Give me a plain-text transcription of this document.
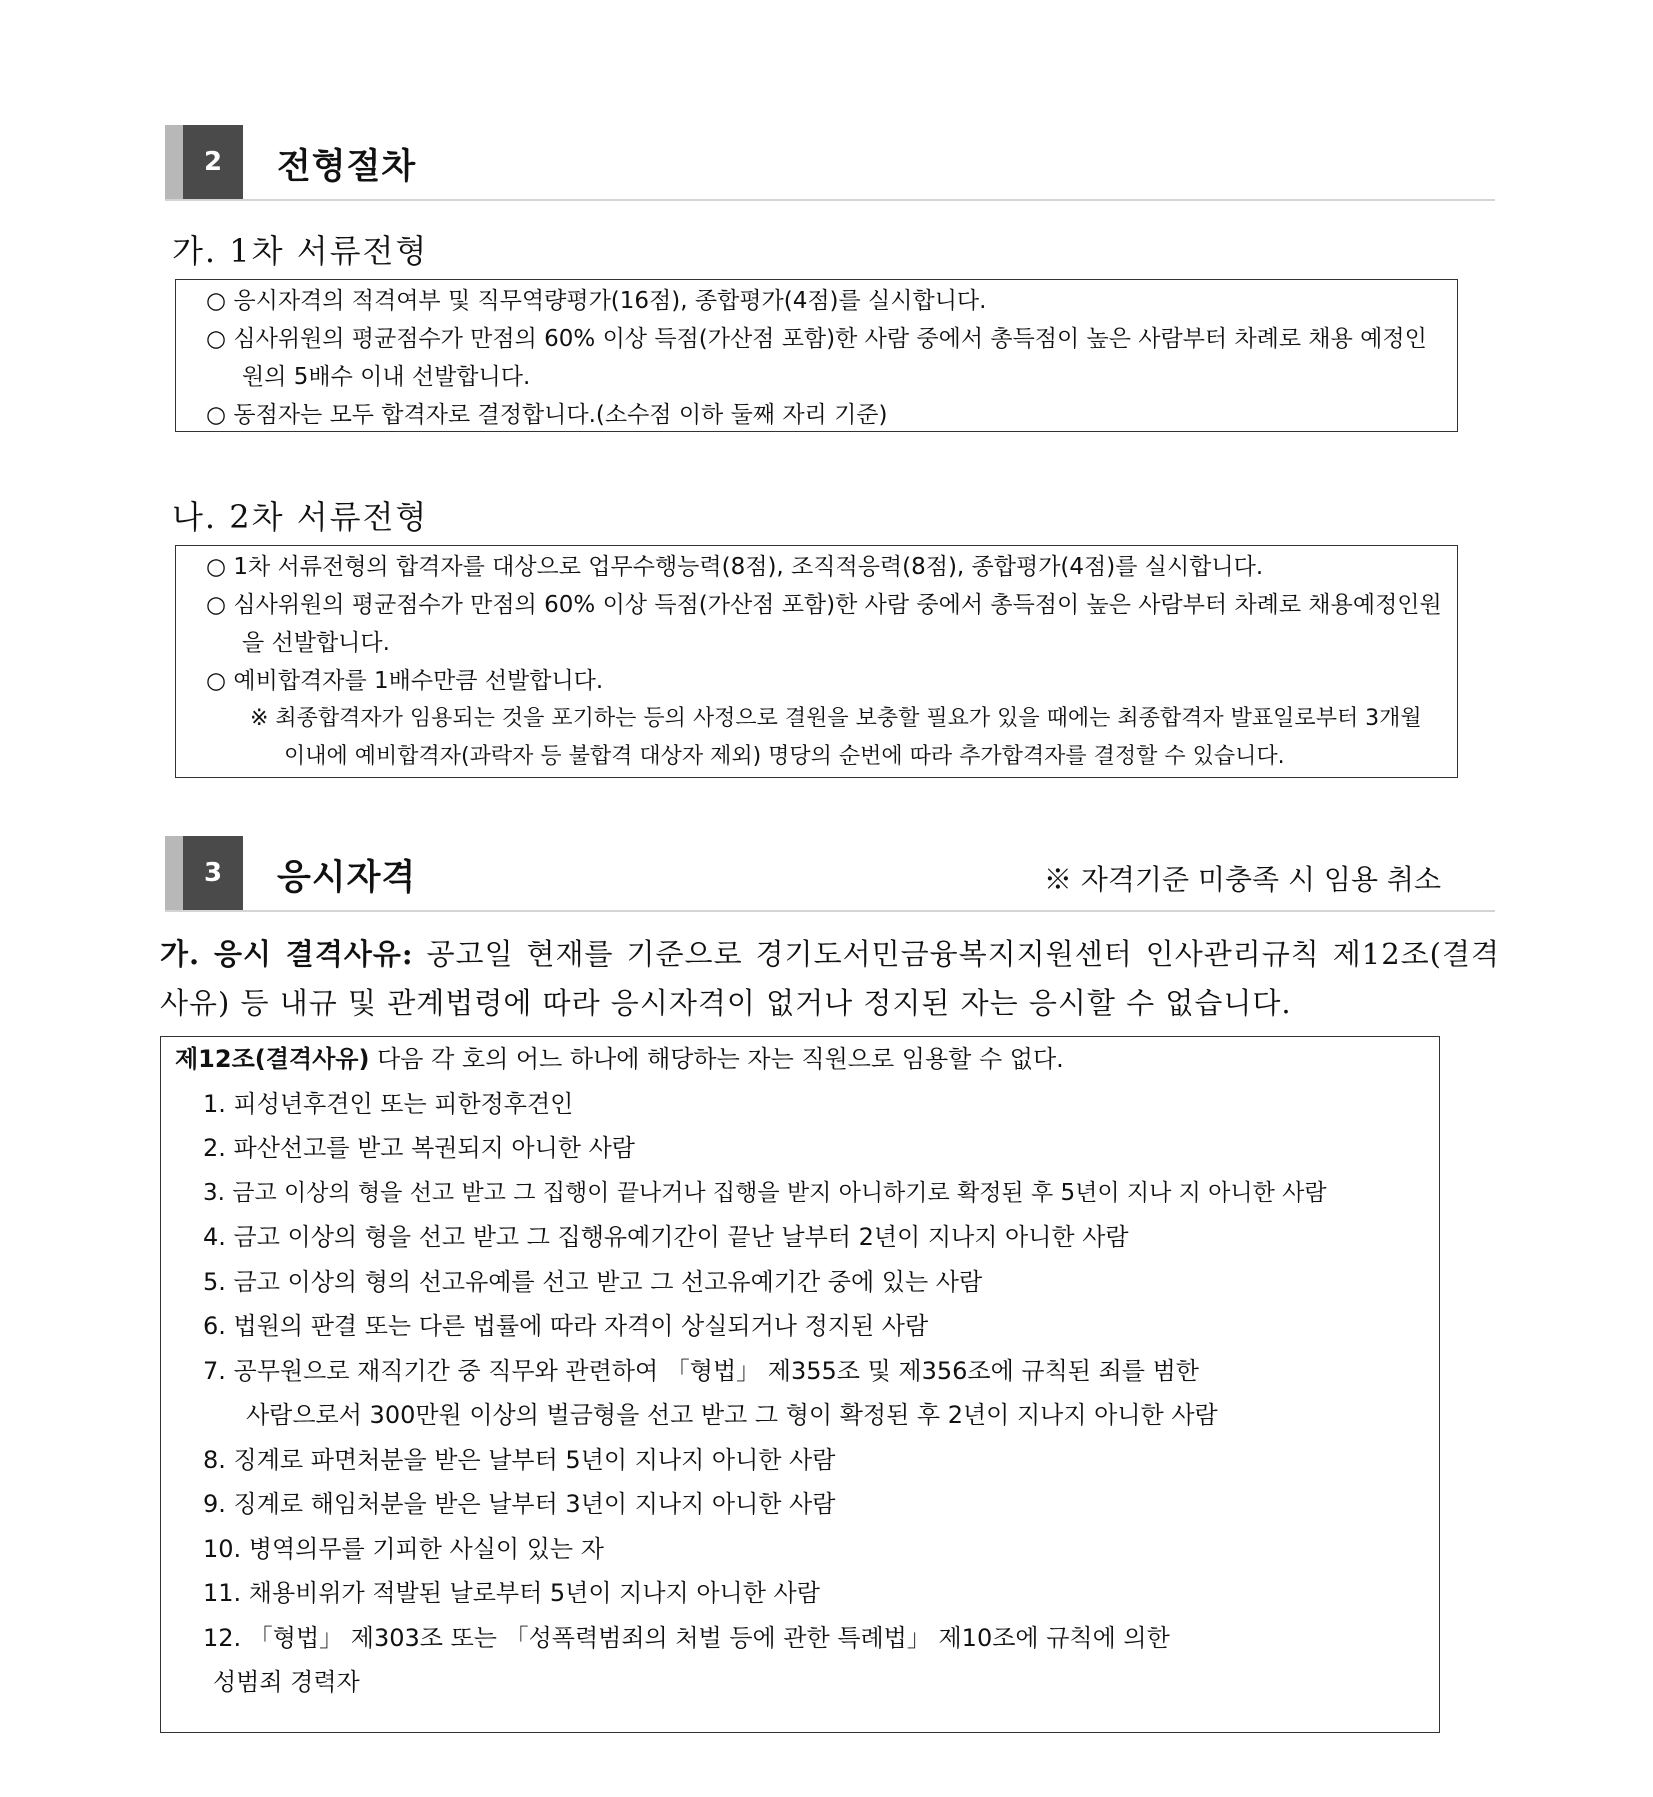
2	전형절차
가. 1차 서류전형

○ 응시자격의 적격여부 및 직무역량평가(16점), 종합평가(4점)를 실시합니다.

○ 심사위원의 평균점수가 만점의 60% 이상 득점(가산점 포함)한 사람 중에서 총득점이 높은 사람부터 차례로 채용 예정인원의 5배수 이내 선발합니다.

○ 동점자는 모두 합격자로 결정합니다.(소수점 이하 둘째 자리 기준)

나. 2차 서류전형

○ 1차 서류전형의 합격자를 대상으로 업무수행능력(8점), 조직적응력(8점), 종합평가(4점)를 실시합니다.

○ 심사위원의 평균점수가 만점의 60% 이상 득점(가산점 포함)한 사람 중에서 총득점이 높은 사람부터 차례로 채용예정인원을 선발합니다.

○ 예비합격자를 1배수만큼 선발합니다.

※ 최종합격자가 임용되는 것을 포기하는 등의 사정으로 결원을 보충할 필요가 있을 때에는 최종합격자 발표일로부터 3개월 이내에 예비합격자(과락자 등 불합격 대상자 제외) 명당의 순번에 따라 추가합격자를 결정할 수 있습니다.

3	응시자격	※ 자격기준 미충족 시 임용 취소
가. 응시 결격사유: 공고일 현재를 기준으로 경기도서민금융복지지원센터 인사관리규칙 제12조(결격사유) 등 내규 및 관계법령에 따라 응시자격이 없거나 정지된 자는 응시할 수 없습니다.

제12조(결격사유) 다음 각 호의 어느 하나에 해당하는 자는 직원으로 임용할 수 없다.

1. 피성년후견인 또는 피한정후견인

2. 파산선고를 받고 복권되지 아니한 사람

3. 금고 이상의 형을 선고 받고 그 집행이 끝나거나 집행을 받지 아니하기로 확정된 후 5년이 지나 지 아니한 사람

4. 금고 이상의 형을 선고 받고 그 집행유예기간이 끝난 날부터 2년이 지나지 아니한 사람

5. 금고 이상의 형의 선고유예를 선고 받고 그 선고유예기간 중에 있는 사람

6. 법원의 판결 또는 다른 법률에 따라 자격이 상실되거나 정지된 사람

7. 공무원으로 재직기간 중 직무와 관련하여 「형법」 제355조 및 제356조에 규칙된 죄를 범한

사람으로서 300만원 이상의 벌금형을 선고 받고 그 형이 확정된 후 2년이 지나지 아니한 사람

8. 징계로 파면처분을 받은 날부터 5년이 지나지 아니한 사람

9. 징계로 해임처분을 받은 날부터 3년이 지나지 아니한 사람

10. 병역의무를 기피한 사실이 있는 자

11. 채용비위가 적발된 날로부터 5년이 지나지 아니한 사람

12. 「형법」 제303조 또는 「성폭력범죄의 처벌 등에 관한 특례법」 제10조에 규칙에 의한

성범죄 경력자
